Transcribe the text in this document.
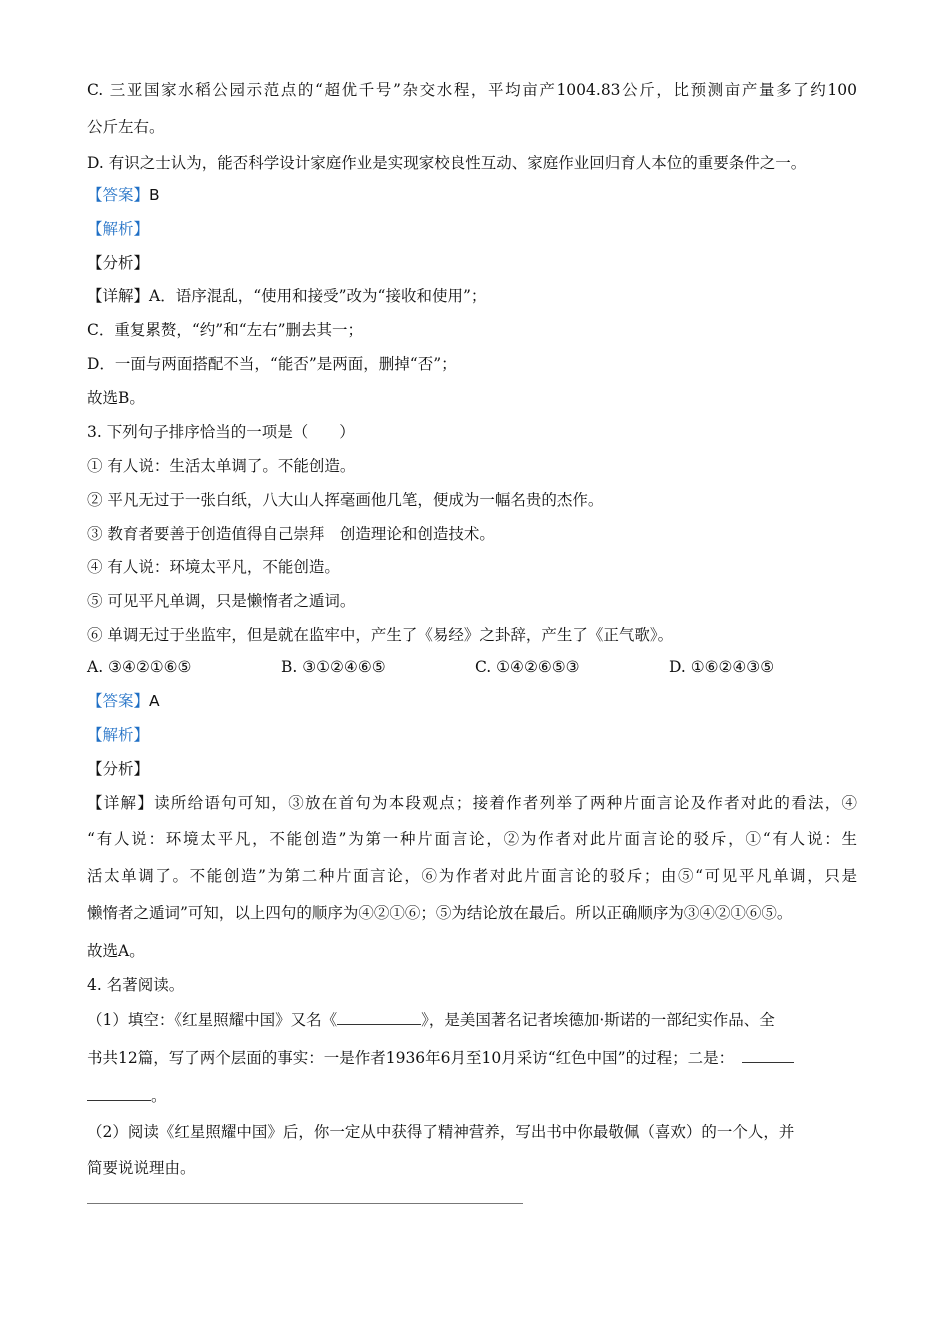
C. 三亚国家水稻公园示范点的“超优千号”杂交水程，平均亩产1004.83公斤，比预测亩产量多了约100
公斤左右。
D. 有识之士认为，能否科学设计家庭作业是实现家校良性互动、家庭作业回归育人本位的重要条件之一。
【答案】B
【解析】
【分析】
【详解】A．语序混乱，“使用和接受”改为“接收和使用”；
C．重复累赘，“约”和“左右”删去其一；
D．一面与两面搭配不当，“能否”是两面，删掉“否”；
故选B。
3. 下列句子排序恰当的一项是（　　）
① 有人说：生活太单调了。不能创造。
② 平凡无过于一张白纸，八大山人挥毫画他几笔，便成为一幅名贵的杰作。
③ 教育者要善于创造值得自己崇拜　创造理论和创造技术。
④ 有人说：环境太平凡，不能创造。
⑤ 可见平凡单调，只是懒惰者之遁词。
⑥ 单调无过于坐监牢，但是就在监牢中，产生了《易经》之卦辞，产生了《正气歌》。
A. ③④②①⑥⑤	B. ③①②④⑥⑤	C. ①④②⑥⑤③	D. ①⑥②④③⑤
【答案】A
【解析】
【分析】
【详解】读所给语句可知，③放在首句为本段观点；接着作者列举了两种片面言论及作者对此的看法，④
“有人说：环境太平凡，不能创造”为第一种片面言论，②为作者对此片面言论的驳斥，①“有人说：生
活太单调了。不能创造”为第二种片面言论，⑥为作者对此片面言论的驳斥；由⑤“可见平凡单调，只是
懒惰者之遁词”可知，以上四句的顺序为④②①⑥；⑤为结论放在最后。所以正确顺序为③④②①⑥⑤。
故选A。
4. 名著阅读。
（1）填空：《红星照耀中国》又名《	》，是美国著名记者埃德加·斯诺的一部纪实作品、全
书共12篇，写了两个层面的事实：一是作者1936年6月至10月采访“红色中国”的过程；二是：
。
（2）阅读《红星照耀中国》后，你一定从中获得了精神营养，写出书中你最敬佩（喜欢）的一个人，并
简要说说理由。
